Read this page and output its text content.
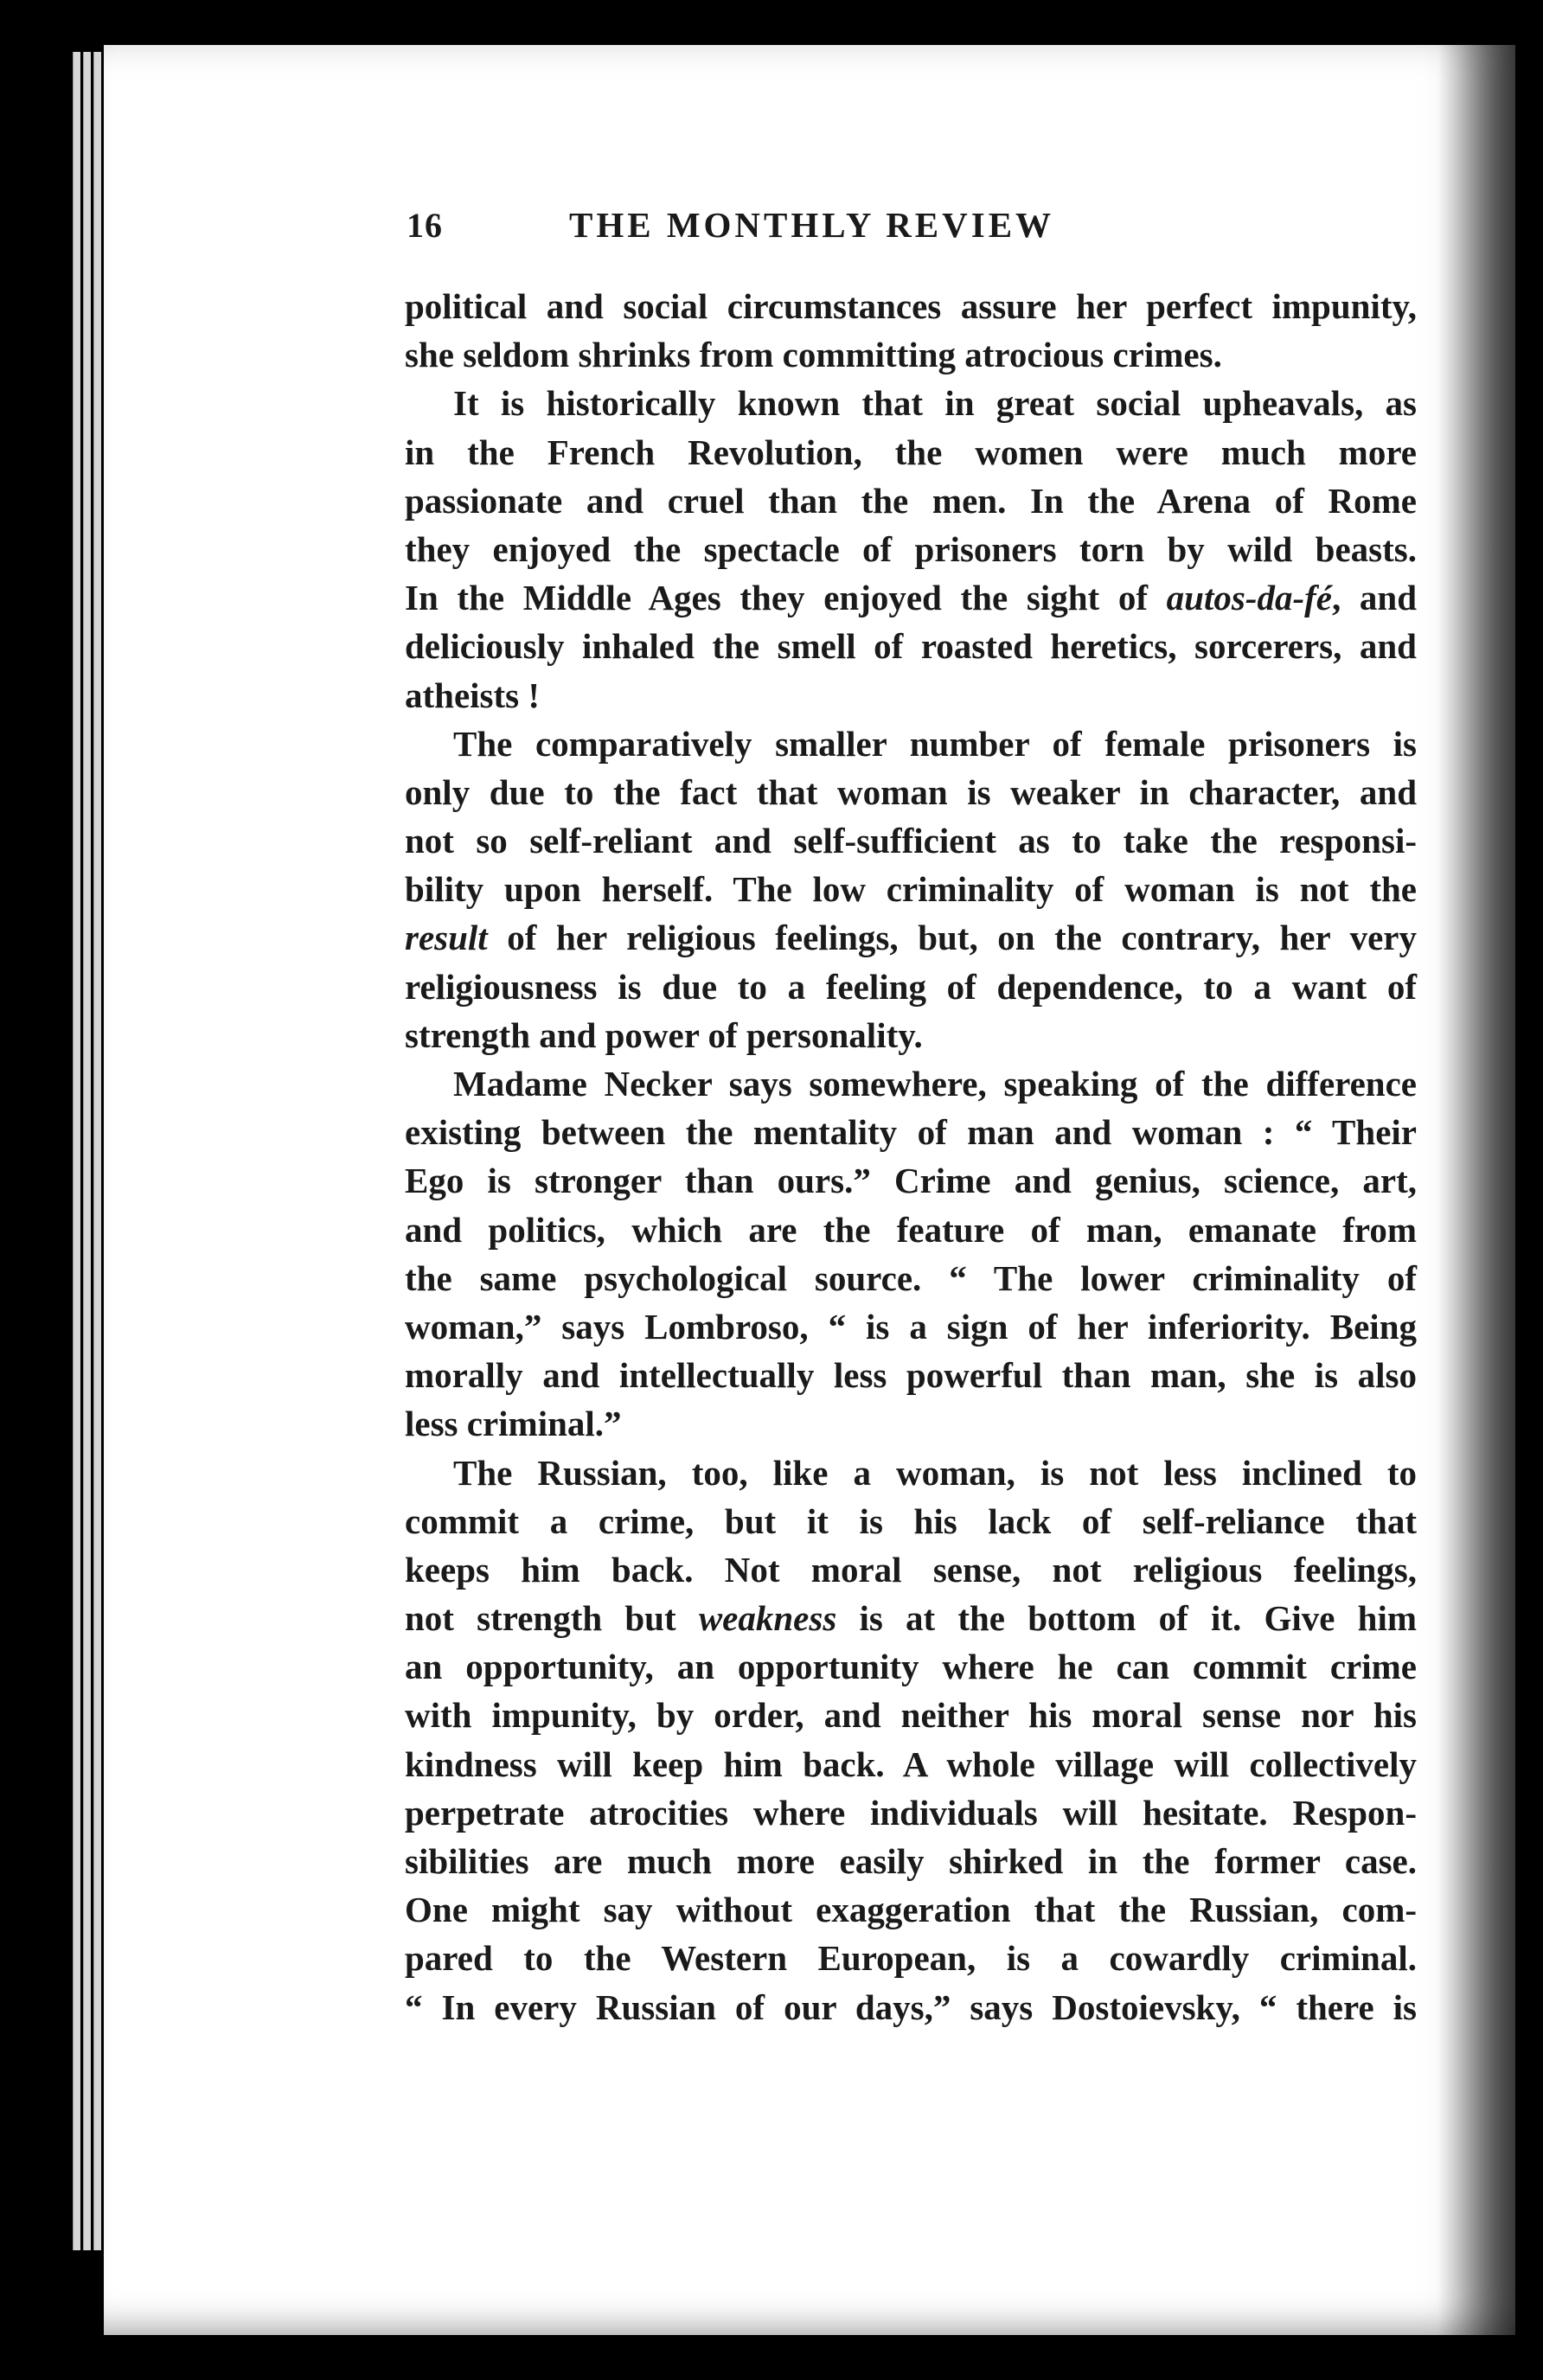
16	THE MONTHLY REVIEW
political and social circumstances assure her perfect impunity,
she seldom shrinks from committing atrocious crimes.
It is historically known that in great social upheavals, as
in the French Revolution, the women were much more
passionate and cruel than the men. In the Arena of Rome
they enjoyed the spectacle of prisoners torn by wild beasts.
In the Middle Ages they enjoyed the sight of autos-da-fé, and
deliciously inhaled the smell of roasted heretics, sorcerers, and
atheists !
The comparatively smaller number of female prisoners is
only due to the fact that woman is weaker in character, and
not so self-reliant and self-sufficient as to take the responsi-
bility upon herself. The low criminality of woman is not the
result of her religious feelings, but, on the contrary, her very
religiousness is due to a feeling of dependence, to a want of
strength and power of personality.
Madame Necker says somewhere, speaking of the difference
existing between the mentality of man and woman : “ Their
Ego is stronger than ours.” Crime and genius, science, art,
and politics, which are the feature of man, emanate from
the same psychological source. “ The lower criminality of
woman,” says Lombroso, “ is a sign of her inferiority. Being
morally and intellectually less powerful than man, she is also
less criminal.”
The Russian, too, like a woman, is not less inclined to
commit a crime, but it is his lack of self-reliance that
keeps him back. Not moral sense, not religious feelings,
not strength but weakness is at the bottom of it. Give him
an opportunity, an opportunity where he can commit crime
with impunity, by order, and neither his moral sense nor his
kindness will keep him back. A whole village will collectively
perpetrate atrocities where individuals will hesitate. Respon-
sibilities are much more easily shirked in the former case.
One might say without exaggeration that the Russian, com-
pared to the Western European, is a cowardly criminal.
“ In every Russian of our days,” says Dostoievsky, “ there is
